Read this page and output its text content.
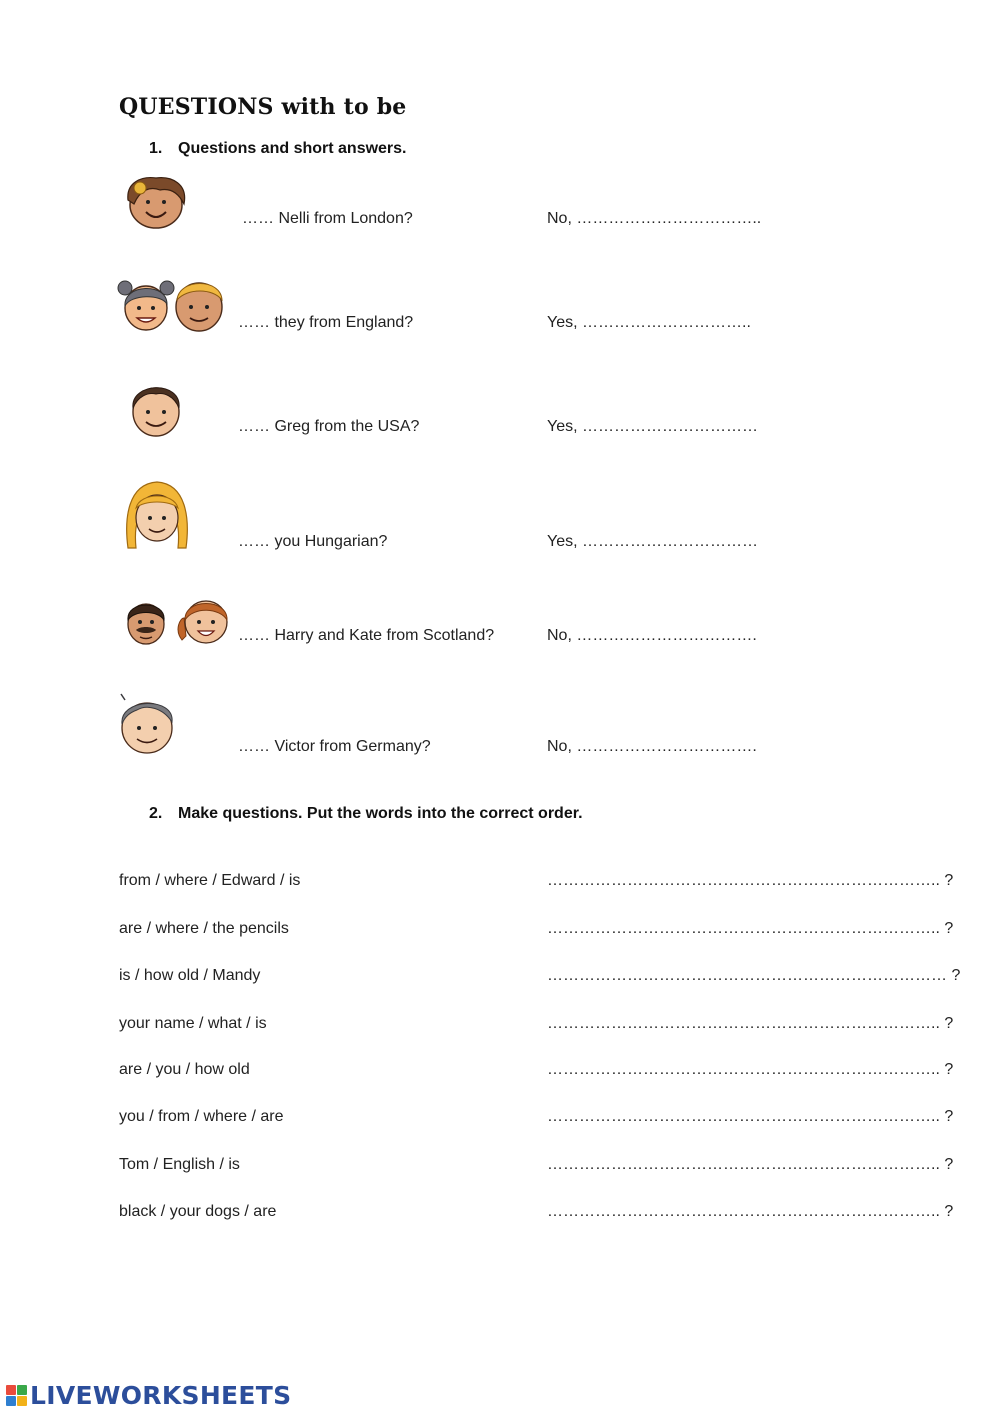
QUESTIONS with to be
1. Questions and short answers.
…… Nelli from London?	No, ……………………………..
…… they from England?	Yes, …………………………..
…… Greg from the USA?	Yes, ……………………………
…… you Hungarian?	Yes, ……………………………
…… Harry and Kate from Scotland?	No, …………………………….
…… Victor from Germany?	No, …………………………….
2. Make questions. Put the words into the correct order.
from / where / Edward / is	……………………………………………………………….. ?
are / where / the pencils	……………………………………………………………….. ?
is / how old / Mandy	………………………………………………………………… ?
your name / what / is	……………………………………………………………….. ?
are / you / how old	……………………………………………………………….. ?
you / from / where / are	……………………………………………………………….. ?
Tom / English / is	……………………………………………………………….. ?
black / your dogs / are	……………………………………………………………….. ?
LIVEWORKSHEETS
